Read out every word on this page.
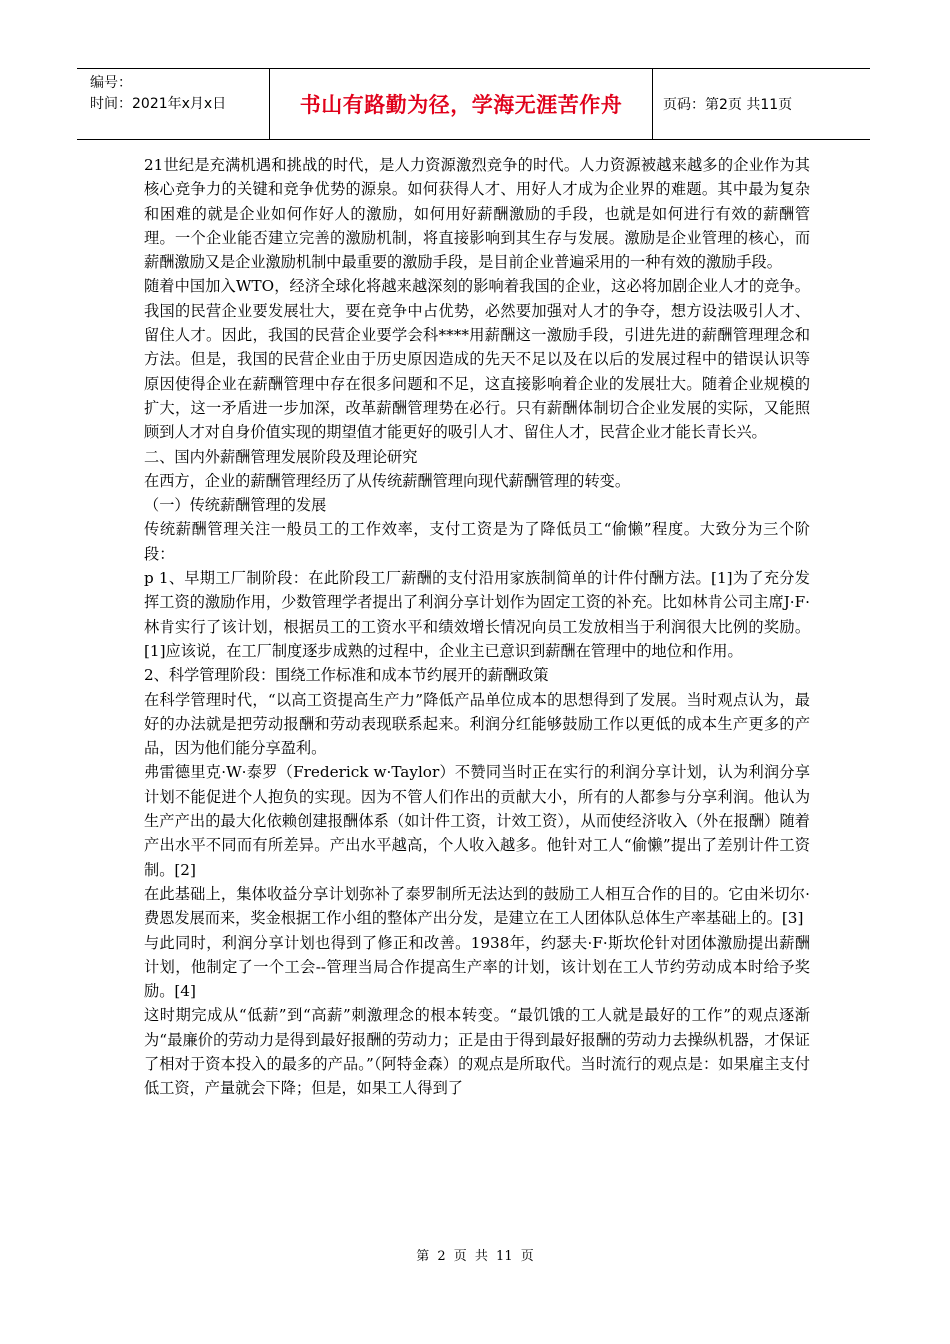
编号：
时间：2021年x月x日	书山有路勤为径，学海无涯苦作舟	页码：第2页 共11页

21世纪是充满机遇和挑战的时代，是人力资源激烈竞争的时代。人力资源被越来越多的企业作为其核心竞争力的关键和竞争优势的源泉。如何获得人才、用好人才成为企业界的难题。其中最为复杂和困难的就是企业如何作好人的激励，如何用好薪酬激励的手段，也就是如何进行有效的薪酬管理。一个企业能否建立完善的激励机制，将直接影响到其生存与发展。激励是企业管理的核心，而薪酬激励又是企业激励机制中最重要的激励手段，是目前企业普遍采用的一种有效的激励手段。

随着中国加入WTO，经济全球化将越来越深刻的影响着我国的企业，这必将加剧企业人才的竞争。我国的民营企业要发展壮大，要在竞争中占优势，必然要加强对人才的争夺，想方设法吸引人才、留住人才。因此，我国的民营企业要学会科****用薪酬这一激励手段，引进先进的薪酬管理理念和方法。但是，我国的民营企业由于历史原因造成的先天不足以及在以后的发展过程中的错误认识等原因使得企业在薪酬管理中存在很多问题和不足，这直接影响着企业的发展壮大。随着企业规模的扩大，这一矛盾进一步加深，改革薪酬管理势在必行。只有薪酬体制切合企业发展的实际，又能照顾到人才对自身价值实现的期望值才能更好的吸引人才、留住人才，民营企业才能长青长兴。

二、国内外薪酬管理发展阶段及理论研究

在西方，企业的薪酬管理经历了从传统薪酬管理向现代薪酬管理的转变。

（一）传统薪酬管理的发展

传统薪酬管理关注一般员工的工作效率，支付工资是为了降低员工“偷懒”程度。大致分为三个阶段：

p 1、早期工厂制阶段：在此阶段工厂薪酬的支付沿用家族制简单的计件付酬方法。[1]为了充分发挥工资的激励作用，少数管理学者提出了利润分享计划作为固定工资的补充。比如林肯公司主席J·F·林肯实行了该计划，根据员工的工资水平和绩效增长情况向员工发放相当于利润很大比例的奖励。[1]应该说，在工厂制度逐步成熟的过程中，企业主已意识到薪酬在管理中的地位和作用。

2、科学管理阶段：围绕工作标准和成本节约展开的薪酬政策

在科学管理时代，“以高工资提高生产力”降低产品单位成本的思想得到了发展。当时观点认为，最好的办法就是把劳动报酬和劳动表现联系起来。利润分红能够鼓励工作以更低的成本生产更多的产品，因为他们能分享盈利。

弗雷德里克·W·泰罗（Frederick w·Taylor）不赞同当时正在实行的利润分享计划，认为利润分享计划不能促进个人抱负的实现。因为不管人们作出的贡献大小，所有的人都参与分享利润。他认为生产产出的最大化依赖创建报酬体系（如计件工资，计效工资），从而使经济收入（外在报酬）随着产出水平不同而有所差异。产出水平越高，个人收入越多。他针对工人“偷懒”提出了差别计件工资制。[2]

在此基础上，集体收益分享计划弥补了泰罗制所无法达到的鼓励工人相互合作的目的。它由米切尔·费恩发展而来，奖金根据工作小组的整体产出分发，是建立在工人团体队总体生产率基础上的。[3]

与此同时，利润分享计划也得到了修正和改善。1938年，约瑟夫·F·斯坎伦针对团体激励提出薪酬计划，他制定了一个工会--管理当局合作提高生产率的计划，该计划在工人节约劳动成本时给予奖励。[4]

这时期完成从“低薪”到“高薪”刺激理念的根本转变。“最饥饿的工人就是最好的工作”的观点逐渐为“最廉价的劳动力是得到最好报酬的劳动力；正是由于得到最好报酬的劳动力去操纵机器，才保证了相对于资本投入的最多的产品。”（阿特金森）的观点是所取代。当时流行的观点是：如果雇主支付低工资，产量就会下降；但是，如果工人得到了

第 2 页 共 11 页
